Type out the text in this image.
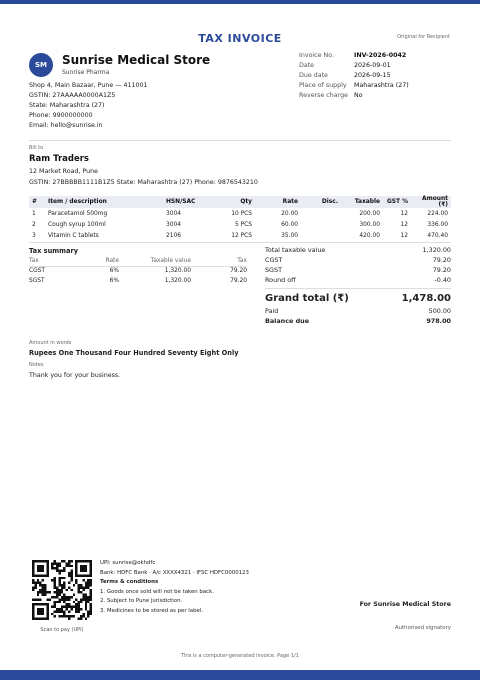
TAX INVOICE	Original for Recipient
SM	Sunrise Medical Store
Sunrise Pharma
Shop 4, Main Bazaar, Pune — 411001
GSTIN: 27AAAAA0000A1Z5
State: Maharashtra (27)
Phone: 9900000000
Email: hello@sunrise.in
Invoice No.	INV-2026-0042
Date	2026-09-01
Due date	2026-09-15
Place of supply	Maharashtra (27)
Reverse charge No
Bill to
Ram Traders
12 Market Road, Pune
GSTIN: 27BBBBB1111B1Z5 State: Maharashtra (27) Phone: 9876543210
#	Item / description	HSN/SAC	Qty	Rate	Disc.	Taxable	GST %	Amount (₹)
1	Paracetamol 500mg	3004	10 PCS	20.00		200.00	12	224.00
2	Cough syrup 100ml	3004	5 PCS	60.00		300.00	12	336.00
3	Vitamin C tablets	2106	12 PCS	35.00		420.00	12	470.40
Tax summary
Tax	Rate	Taxable value	Tax
CGST	6%	1,320.00	79.20
SGST	6%	1,320.00	79.20
Total taxable value	1,320.00
CGST	79.20
SGST	79.20
Round off	-0.40
Grand total (₹)	1,478.00
Paid	500.00
Balance due	978.00
Amount in words
Rupees One Thousand Four Hundred Seventy Eight Only
Notes
Thank you for your business.
Scan to pay (UPI)
UPI: sunrise@okhdfc
Bank: HDFC Bank · A/c XXXX4321 · IFSC HDFC0000123
Terms & conditions
1. Goods once sold will not be taken back.
2. Subject to Pune jurisdiction.
3. Medicines to be stored as per label.
For Sunrise Medical Store
Authorised signatory
This is a computer-generated invoice. Page 1/1
